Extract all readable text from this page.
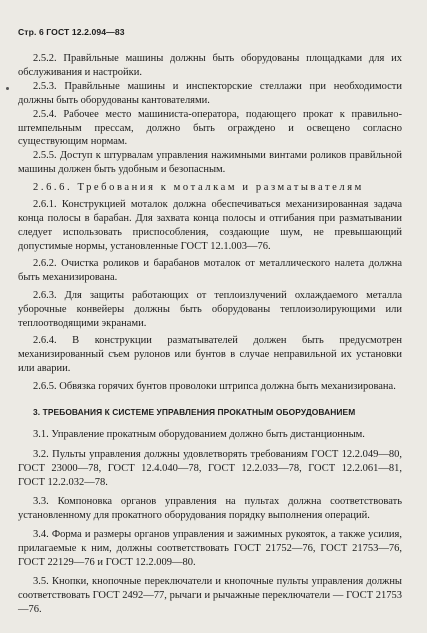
Стр. 6 ГОСТ 12.2.094—83

2.5.2. Правйльные машины должны быть оборудованы площадками для их обслуживания и настройки.

2.5.3. Правйльные машины и инспекторские стеллажи при необходимости должны быть оборудованы кантователями.

2.5.4. Рабочее место машиниста-оператора, подающего прокат к правильно-штемпельным прессам, должно быть ограждено и освещено согласно существующим нормам.

2.5.5. Доступ к штурвалам управления нажимными винтами роликов правйльной машины должен быть удобным и безопасным.

2.6.6. Требования к моталкам и разматывателям

2.6.1. Конструкцией моталок должна обеспечиваться механизированная задача конца полосы в барабан. Для захвата конца полосы и отгибания при разматывании следует использовать приспособления, создающие шум, не превышающий допустимые нормы, установленные ГОСТ 12.1.003—76.

2.6.2. Очистка роликов и барабанов моталок от металлического налета должна быть механизирована.

2.6.3. Для защиты работающих от теплоизлучений охлаждаемого металла уборочные конвейеры должны быть оборудованы теплоизолирующими или теплоотводящими экранами.

2.6.4. В конструкции разматывателей должен быть предусмотрен механизированный съем рулонов или бунтов в случае неправильной их установки или аварии.

2.6.5. Обвязка горячих бунтов проволоки штрипса должна быть механизирована.

3. ТРЕБОВАНИЯ К СИСТЕМЕ УПРАВЛЕНИЯ ПРОКАТНЫМ ОБОРУДОВАНИЕМ

3.1. Управление прокатным оборудованием должно быть дистанционным.

3.2. Пульты управления должны удовлетворять требованиям ГОСТ 12.2.049—80, ГОСТ 23000—78, ГОСТ 12.4.040—78, ГОСТ 12.2.033—78, ГОСТ 12.2.061—81, ГОСТ 12.2.032—78.

3.3. Компоновка органов управления на пультах должна соответствовать установленному для прокатного оборудования порядку выполнения операций.

3.4. Форма и размеры органов управления и зажимных рукояток, а также усилия, прилагаемые к ним, должны соответствовать ГОСТ 21752—76, ГОСТ 21753—76, ГОСТ 22129—76 и ГОСТ 12.2.009—80.

3.5. Кнопки, кнопочные переключатели и кнопочные пульты управления должны соответствовать ГОСТ 2492—77, рычаги и рычажные переключатели — ГОСТ 21753—76.
